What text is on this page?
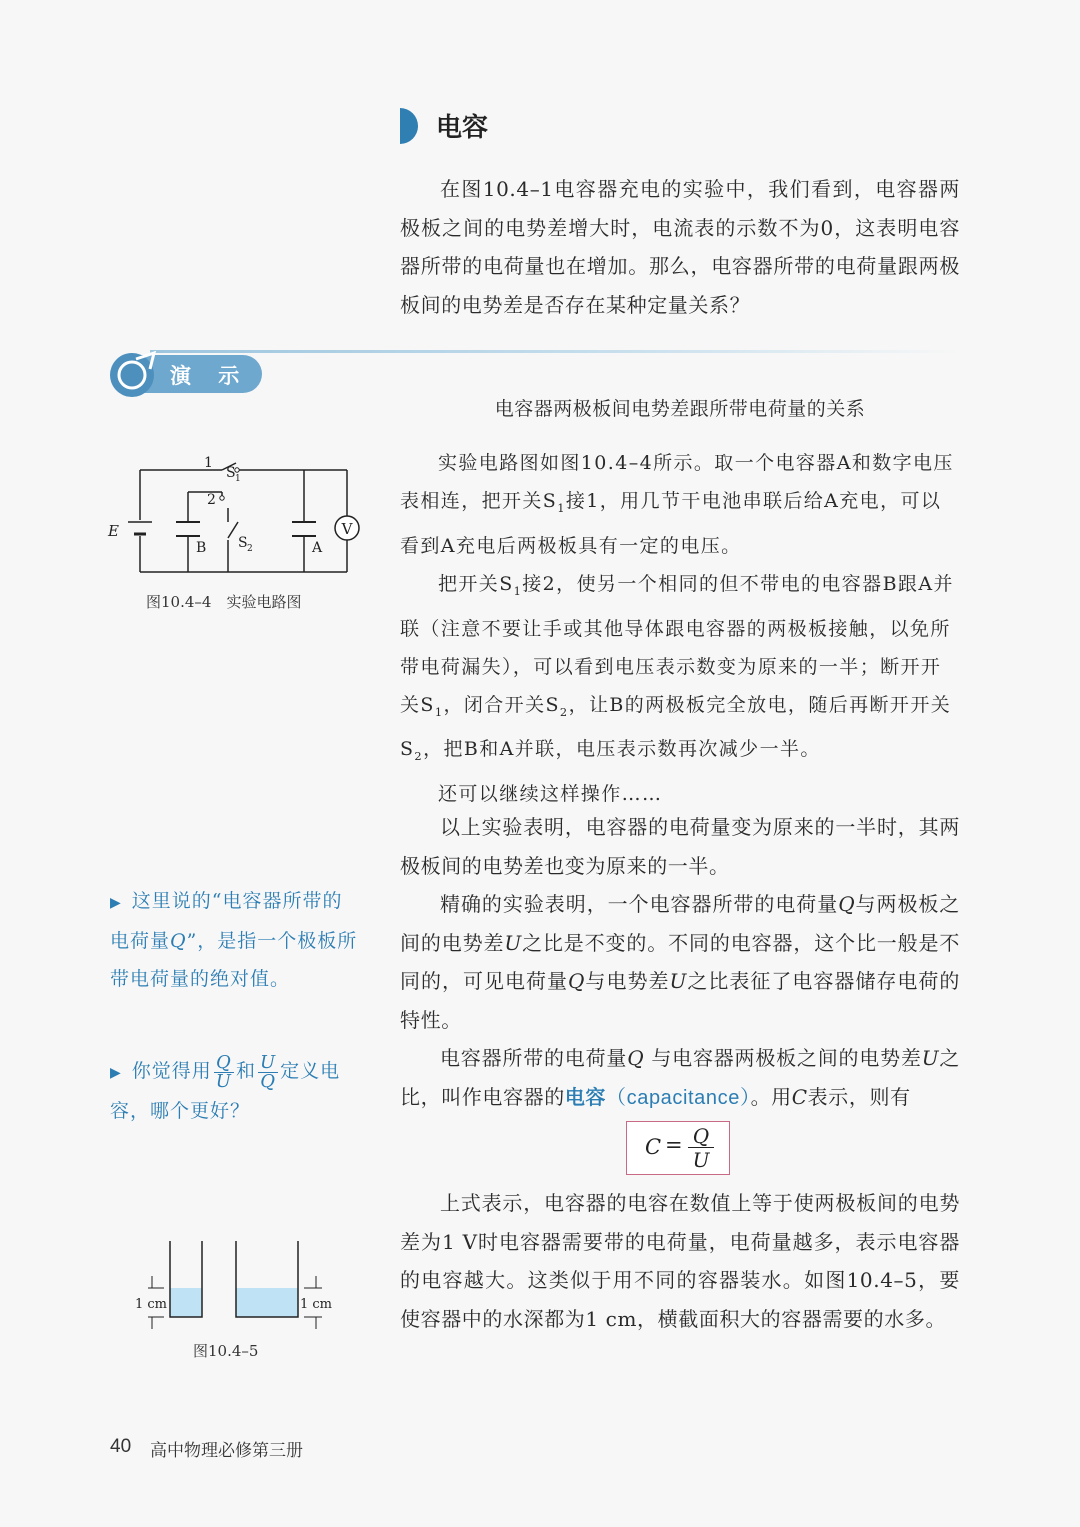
电容

在图10.4–1电容器充电的实验中，我们看到，电容器两极板之间的电势差增大时，电流表的示数不为0，这表明电容器所带的电荷量也在增加。那么，电容器所带的电荷量跟两极板间的电势差是否存在某种定量关系？

演 示
电容器两极板间电势差跟所带电荷量的关系
V
1
2
S 1
S 2
E
B	A
图10.4–4　实验电路图

实验电路图如图10.4–4所示。取一个电容器A和数字电压表相连，把开关$S_1$接1，用几节干电池串联后给A充电，可以看到A充电后两极板具有一定的电压。

把开关$S_1$接2，使另一个相同的但不带电的电容器B跟A并联（注意不要让手或其他导体跟电容器的两极板接触，以免所带电荷漏失），可以看到电压表示数变为原来的一半；断开开关$S_1$，闭合开关$S_2$，让B的两极板完全放电，随后再断开开关$S_2$，把B和A并联，电压表示数再次减少一半。

还可以继续这样操作……

以上实验表明，电容器的电荷量变为原来的一半时，其两极板间的电势差也变为原来的一半。

精确的实验表明，一个电容器所带的电荷量Q与两极板之间的电势差U之比是不变的。不同的电容器，这个比一般是不同的，可见电荷量Q与电势差U之比表征了电容器储存电荷的特性。

电容器所带的电荷量Q 与电容器两极板之间的电势差U之比，叫作电容器的电容（capacitance）。用C表示，则有

$C = \frac{Q}{U}$

上式表示，电容器的电容在数值上等于使两极板间的电势差为1 V时电容器需要带的电荷量，电荷量越多，表示电容器的电容越大。这类似于用不同的容器装水。如图10.4–5，要使容器中的水深都为1 cm，横截面积大的容器需要的水多。

▶ 这里说的“电容器所带的电荷量Q”，是指一个极板所带电荷量的绝对值。
▶ 你觉得用 $\frac{Q}{U}$ 和 $\frac{U}{Q}$ 定义电容，哪个更好？
1 cm	1 cm
图10.4–5
40 高中物理必修第三册
